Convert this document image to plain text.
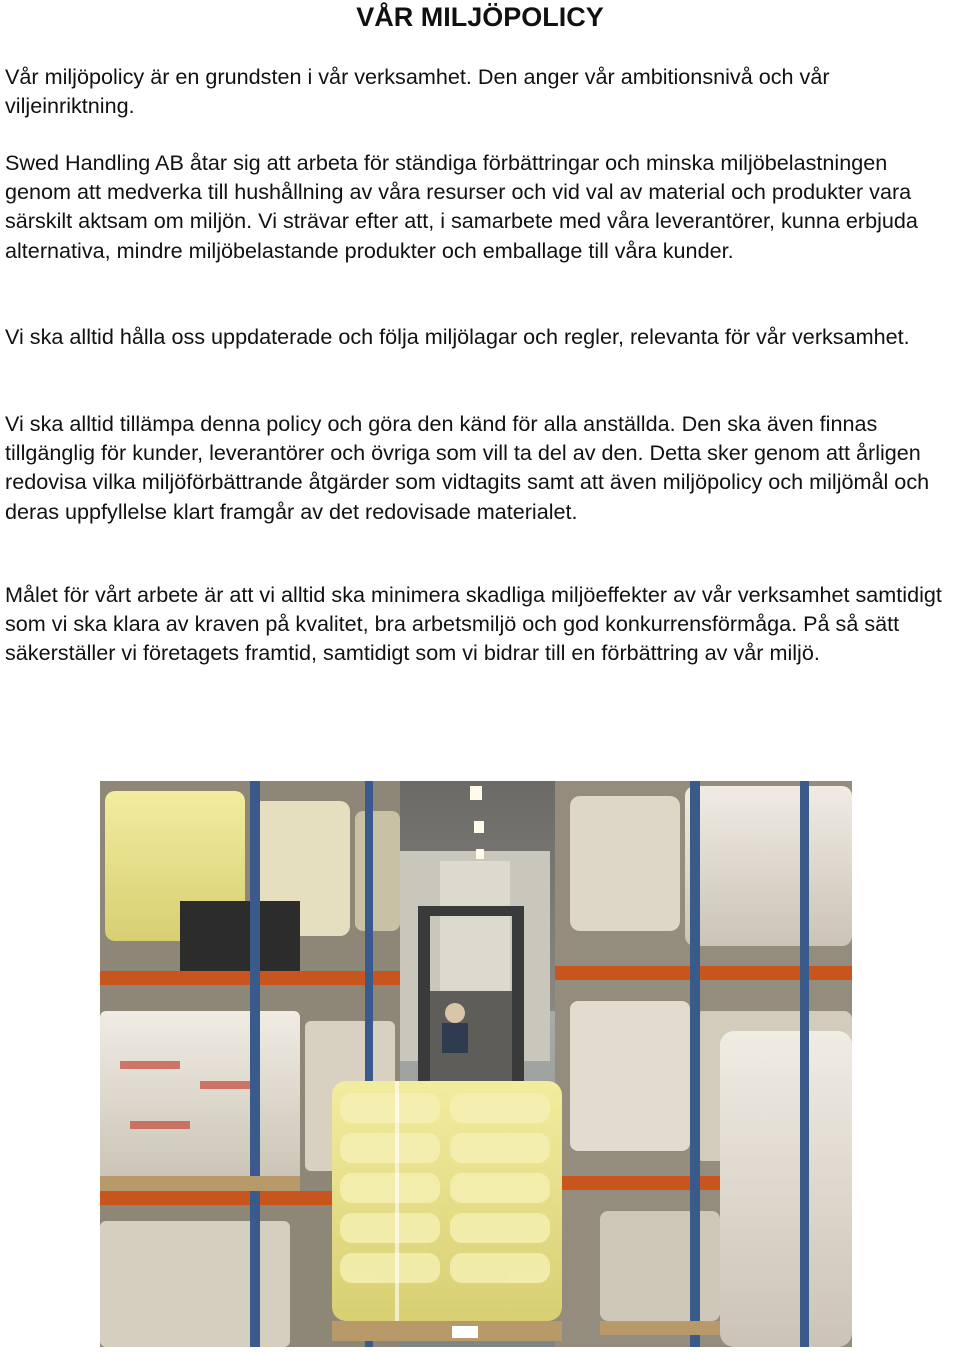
VÅR MILJÖPOLICY

Vår miljöpolicy är en grundsten i vår verksamhet. Den anger vår ambitionsnivå och vår viljeinriktning.

Swed Handling AB åtar sig att arbeta för ständiga förbättringar och minska miljöbelastningen genom att medverka till hushållning av våra resurser och vid val av material och produkter vara särskilt aktsam om miljön. Vi strävar efter att, i samarbete med våra leverantörer, kunna erbjuda alternativa, mindre miljöbelastande produkter och emballage till våra kunder.

Vi ska alltid hålla oss uppdaterade och följa miljölagar och regler, relevanta för vår verksamhet.

Vi ska alltid tillämpa denna policy och göra den känd för alla anställda. Den ska även finnas tillgänglig för kunder, leverantörer och övriga som vill ta del av den. Detta sker genom att årligen redovisa vilka miljöförbättrande åtgärder som vidtagits samt att även miljöpolicy och miljömål och deras uppfyllelse klart framgår av det redovisade materialet.

Målet för vårt arbete är att vi alltid ska minimera skadliga miljöeffekter av vår verksamhet samtidigt som vi ska klara av kraven på kvalitet, bra arbetsmiljö och god konkurrensförmåga. På så sätt säkerställer vi företagets framtid, samtidigt som vi bidrar till en förbättring av vår miljö.
